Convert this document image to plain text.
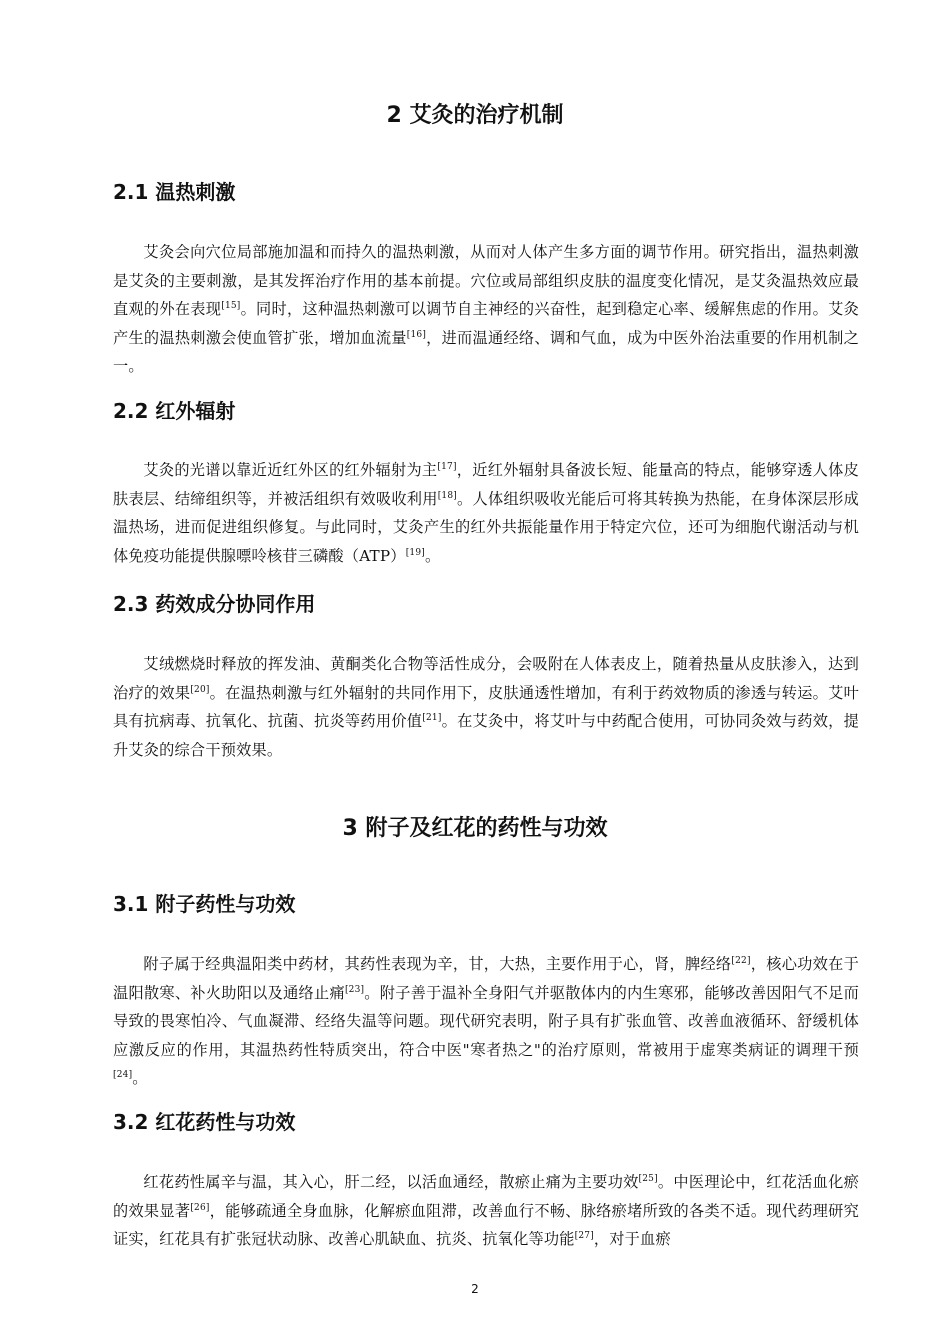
2 艾灸的治疗机制
2.1 温热刺激

艾灸会向穴位局部施加温和而持久的温热刺激，从而对人体产生多方面的调节作用。研究指出，温热刺激是艾灸的主要刺激，是其发挥治疗作用的基本前提。穴位或局部组织皮肤的温度变化情况，是艾灸温热效应最直观的外在表现[15]。同时，这种温热刺激可以调节自主神经的兴奋性，起到稳定心率、缓解焦虑的作用。艾灸产生的温热刺激会使血管扩张，增加血流量[16]，进而温通经络、调和气血，成为中医外治法重要的作用机制之一。

2.2 红外辐射

艾灸的光谱以靠近近红外区的红外辐射为主[17]，近红外辐射具备波长短、能量高的特点，能够穿透人体皮肤表层、结缔组织等，并被活组织有效吸收利用[18]。人体组织吸收光能后可将其转换为热能，在身体深层形成温热场，进而促进组织修复。与此同时，艾灸产生的红外共振能量作用于特定穴位，还可为细胞代谢活动与机体免疫功能提供腺嘌呤核苷三磷酸（ATP）[19]。

2.3 药效成分协同作用

艾绒燃烧时释放的挥发油、黄酮类化合物等活性成分，会吸附在人体表皮上，随着热量从皮肤渗入，达到治疗的效果[20]。在温热刺激与红外辐射的共同作用下，皮肤通透性增加，有利于药效物质的渗透与转运。艾叶具有抗病毒、抗氧化、抗菌、抗炎等药用价值[21]。在艾灸中，将艾叶与中药配合使用，可协同灸效与药效，提升艾灸的综合干预效果。

3 附子及红花的药性与功效
3.1 附子药性与功效

附子属于经典温阳类中药材，其药性表现为辛，甘，大热，主要作用于心，肾，脾经络[22]，核心功效在于温阳散寒、补火助阳以及通络止痛[23]。附子善于温补全身阳气并驱散体内的内生寒邪，能够改善因阳气不足而导致的畏寒怕冷、气血凝滞、经络失温等问题。现代研究表明，附子具有扩张血管、改善血液循环、舒缓机体应激反应的作用，其温热药性特质突出，符合中医"寒者热之"的治疗原则，常被用于虚寒类病证的调理干预[24]。

3.2 红花药性与功效

红花药性属辛与温，其入心，肝二经，以活血通经，散瘀止痛为主要功效[25]。中医理论中，红花活血化瘀的效果显著[26]，能够疏通全身血脉，化解瘀血阻滞，改善血行不畅、脉络瘀堵所致的各类不适。现代药理研究证实，红花具有扩张冠状动脉、改善心肌缺血、抗炎、抗氧化等功能[27]，对于血瘀

2
